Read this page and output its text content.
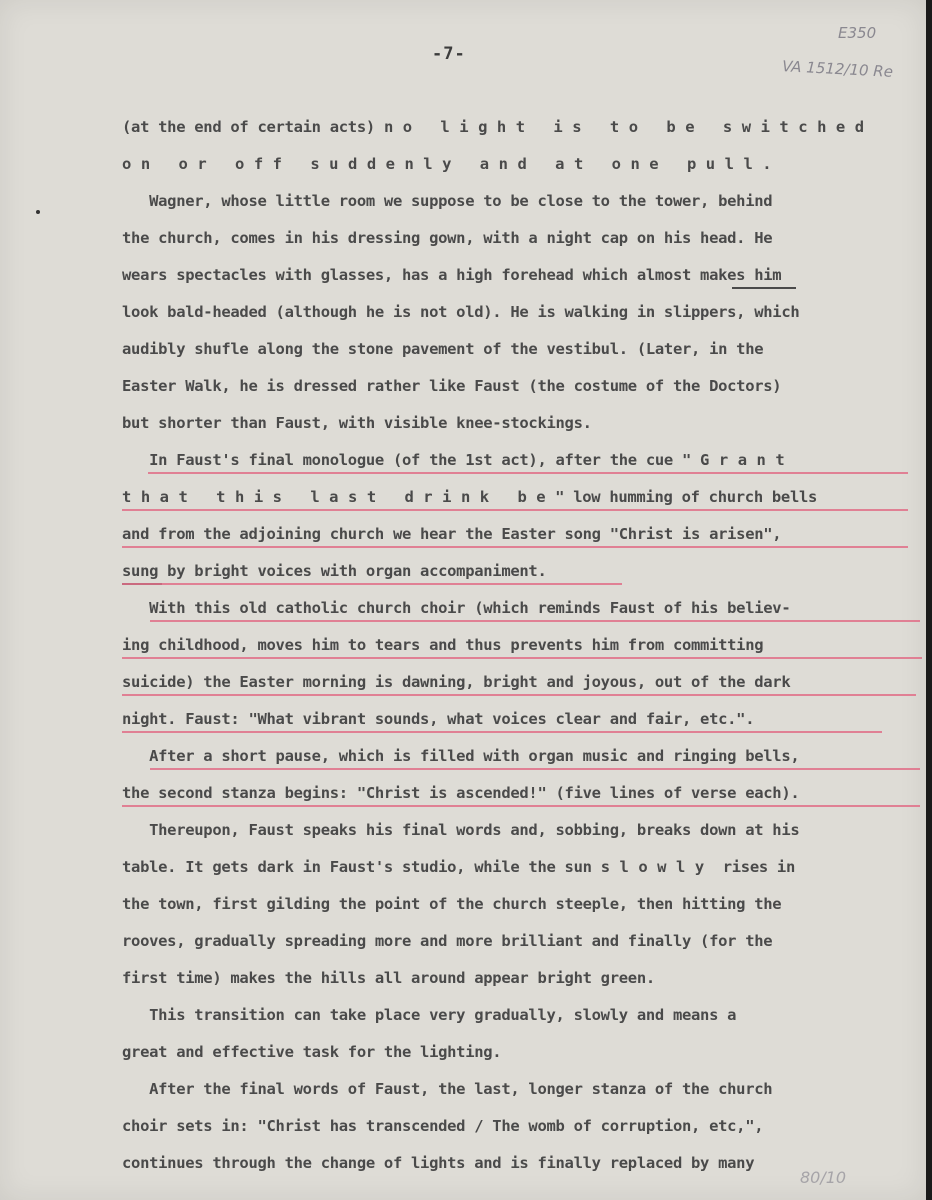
-7-
E350
VA 1512/10 Re
80/10
(at the end of certain acts) no light is to be switched
on or off suddenly and at one pull.
Wagner, whose little room we suppose to be close to the tower, behind
the church, comes in his dressing gown, with a night cap on his head. He
wears spectacles with glasses, has a high forehead which almost makes him
look bald-headed (although he is not old). He is walking in slippers, which
audibly shufle along the stone pavement of the vestibul. (Later, in the
Easter Walk, he is dressed rather like Faust (the costume of the Doctors)
but shorter than Faust, with visible knee-stockings.
In Faust's final monologue (of the 1st act), after the cue " Grant
that this last drink be" low humming of church bells
and from the adjoining church we hear the Easter song "Christ is arisen",
sung by bright voices with organ accompaniment.
With this old catholic church choir (which reminds Faust of his believ-
ing childhood, moves him to tears and thus prevents him from committing
suicide) the Easter morning is dawning, bright and joyous, out of the dark
night. Faust: "What vibrant sounds, what voices clear and fair, etc.".
After a short pause, which is filled with organ music and ringing bells,
the second stanza begins: "Christ is ascended!" (five lines of verse each).
Thereupon, Faust speaks his final words and, sobbing, breaks down at his
table. It gets dark in Faust's studio, while the sun slowly rises in
the town, first gilding the point of the church steeple, then hitting the
rooves, gradually spreading more and more brilliant and finally (for the
first time) makes the hills all around appear bright green.
This transition can take place very gradually, slowly and means a
great and effective task for the lighting.
After the final words of Faust, the last, longer stanza of the church
choir sets in: "Christ has transcended / The womb of corruption, etc,",
continues through the change of lights and is finally replaced by many
